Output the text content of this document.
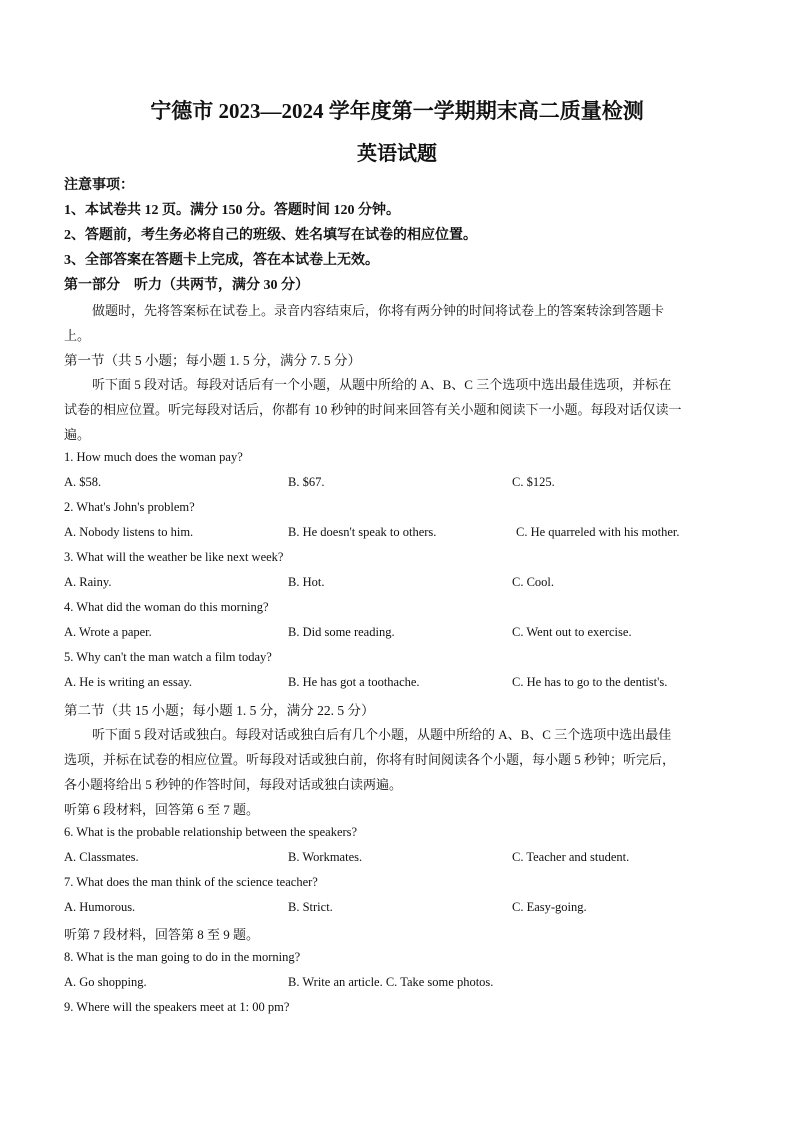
宁德市 2023—2024 学年度第一学期期末高二质量检测
英语试题
注意事项：
1、本试卷共 12 页。满分 150 分。答题时间 120 分钟。
2、答题前，考生务必将自己的班级、姓名填写在试卷的相应位置。
3、全部答案在答题卡上完成，答在本试卷上无效。
第一部分　听力（共两节，满分 30 分）
做题时，先将答案标在试卷上。录音内容结束后，你将有两分钟的时间将试卷上的答案转涂到答题卡
上。
第一节（共 5 小题；每小题 1. 5 分，满分 7. 5 分）
听下面 5 段对话。每段对话后有一个小题，从题中所给的 A、B、C 三个选项中选出最佳选项，并标在
试卷的相应位置。听完每段对话后，你都有 10 秒钟的时间来回答有关小题和阅读下一小题。每段对话仅读一
遍。
1. How much does the woman pay?
A. $58.	B. $67.	C. $125.
2. What's John's problem?
A. Nobody listens to him.	B. He doesn't speak to others.	C. He quarreled with his mother.
3. What will the weather be like next week?
A. Rainy.	B. Hot.	C. Cool.
4. What did the woman do this morning?
A. Wrote a paper.	B. Did some reading.	C. Went out to exercise.
5. Why can't the man watch a film today?
A. He is writing an essay.	B. He has got a toothache.	C. He has to go to the dentist's.
第二节（共 15 小题；每小题 1. 5 分，满分 22. 5 分）
听下面 5 段对话或独白。每段对话或独白后有几个小题，从题中所给的 A、B、C 三个选项中选出最佳
选项，并标在试卷的相应位置。听每段对话或独白前，你将有时间阅读各个小题，每小题 5 秒钟；听完后，
各小题将给出 5 秒钟的作答时间，每段对话或独白读两遍。
听第 6 段材料，回答第 6 至 7 题。
6. What is the probable relationship between the speakers?
A. Classmates.	B. Workmates.	C. Teacher and student.
7. What does the man think of the science teacher?
A. Humorous.	B. Strict.	C. Easy-going.
听第 7 段材料，回答第 8 至 9 题。
8. What is the man going to do in the morning?
A. Go shopping.	B. Write an article. C. Take some photos.
9. Where will the speakers meet at 1: 00 pm?
